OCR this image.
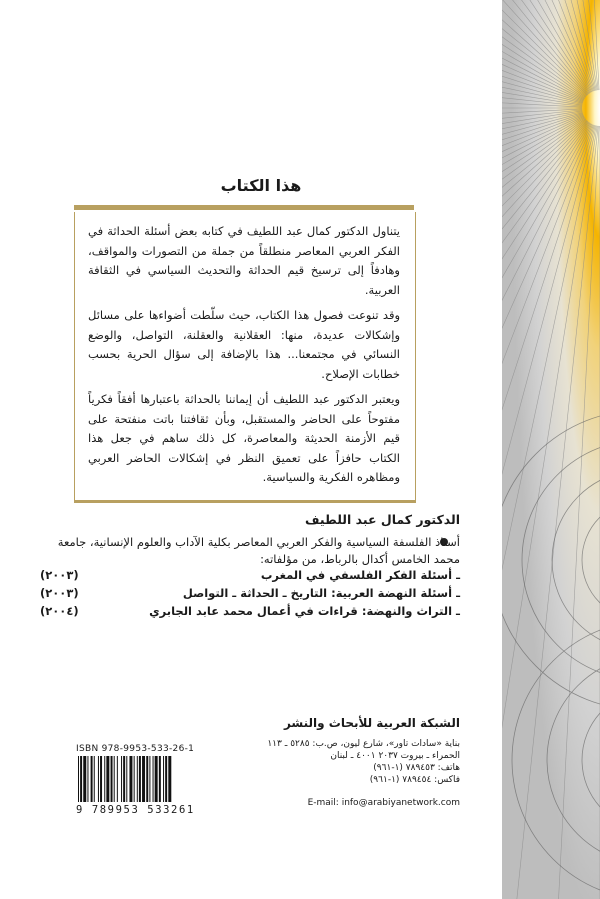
هذا الكتاب

يتناول الدكتور كمال عبد اللطيف في كتابه بعض أسئلة الحداثة في الفكر العربي المعاصر منطلقاً من جملة من التصورات والمواقف، وهادفاً إلى ترسيخ قيم الحداثة والتحديث السياسي في الثقافة العربية.

وقد تنوعت فصول هذا الكتاب، حيث سلّطت أضواءها على مسائل وإشكالات عديدة، منها: العقلانية والعقلنة، التواصل، والوضع النسائي في مجتمعنا... هذا بالإضافة إلى سؤال الحرية بحسب خطابات الإصلاح.

ويعتبر الدكتور عبد اللطيف أن إيماننا بالحداثة باعتبارها أفقاً فكرياً مفتوحاً على الحاضر والمستقبل، وبأن ثقافتنا باتت منفتحة على قيم الأزمنة الحديثة والمعاصرة، كل ذلك ساهم في جعل هذا الكتاب حافزاً على تعميق النظر في إشكالات الحاضر العربي ومظاهره الفكرية والسياسية.

الدكتور كمال عبد اللطيف

أستاذ الفلسفة السياسية والفكر العربي المعاصر بكلية الآداب والعلوم الإنسانية، جامعة محمد الخامس أكدال بالرباط، من مؤلفاته:

ـ أسئلة الفكر الفلسفي في المغرب
(٢٠٠٣)
ـ أسئلة النهضة العربية: التاريخ ـ الحداثة ـ التواصل
(٢٠٠٣)
ـ التراث والنهضة: قراءات في أعمال محمد عابد الجابري
(٢٠٠٤)

الشبكة العربية للأبحاث والنشر

بناية «سادات تاور»، شارع ليون، ص.ب: ٥٢٨٥ ـ ١١٣
الحمراء ـ بيروت ٢٠٣٧ ٤٠٠١ ـ لبنان
هاتف: ٧٨٩٤٥٣ (١-٩٦١)
فاكس: ٧٨٩٤٥٤ (١-٩٦١)

E-mail: info@arabiyanetwork.com

ISBN 978-9953-533-26-1

9 789953 533261
